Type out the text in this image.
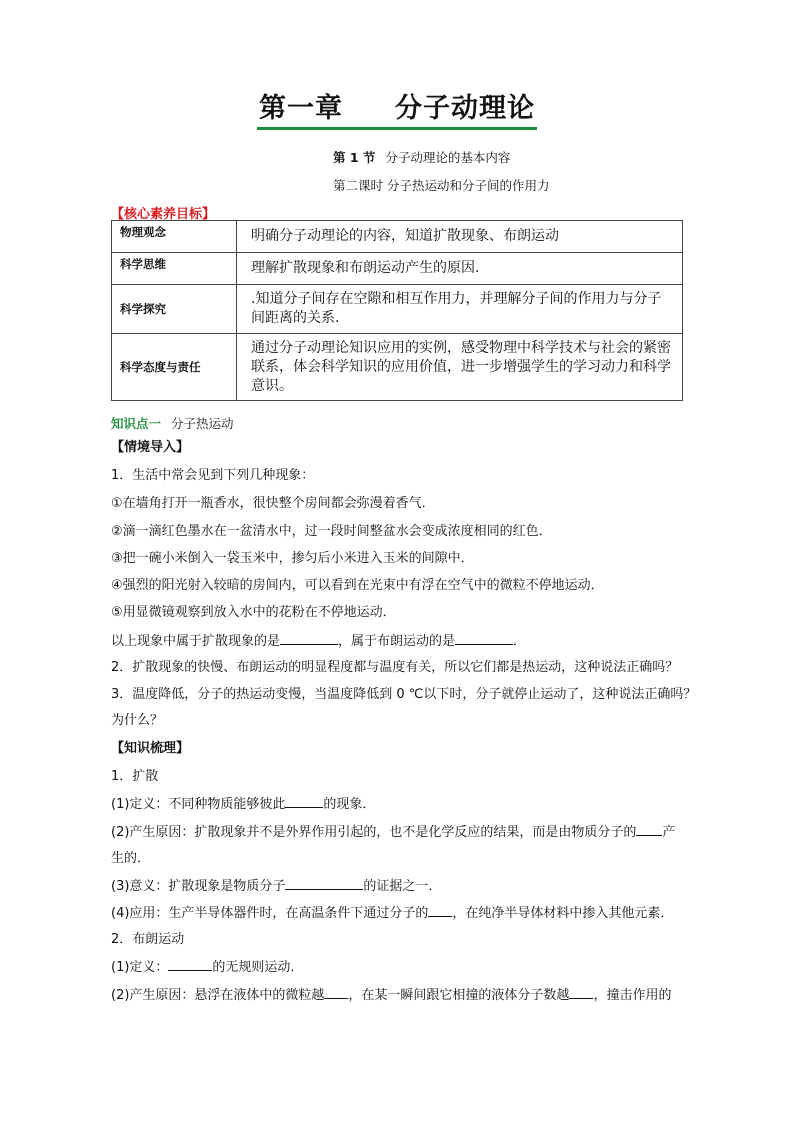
第一章 分子动理论
第 1 节 分子动理论的基本内容
第二课时 分子热运动和分子间的作用力
【核心素养目标】
物理观念	明确分子动理论的内容，知道扩散现象、布朗运动
科学思维	理解扩散现象和布朗运动产生的原因.
科学探究	.知道分子间存在空隙和相互作用力，并理解分子间的作用力与分子间距离的关系.
科学态度与责任	通过分子动理论知识应用的实例，感受物理中科学技术与社会的紧密联系，体会科学知识的应用价值，进一步增强学生的学习动力和科学意识。
知识点一 分子热运动
【情境导入】
1．生活中常会见到下列几种现象：
①在墙角打开一瓶香水，很快整个房间都会弥漫着香气．
②滴一滴红色墨水在一盆清水中，过一段时间整盆水会变成浓度相同的红色．
③把一碗小米倒入一袋玉米中，掺匀后小米进入玉米的间隙中．
④强烈的阳光射入较暗的房间内，可以看到在光束中有浮在空气中的微粒不停地运动．
⑤用显微镜观察到放入水中的花粉在不停地运动．
以上现象中属于扩散现象的是	，属于布朗运动的是	．
2．扩散现象的快慢、布朗运动的明显程度都与温度有关，所以它们都是热运动，这种说法正确吗？
3．温度降低，分子的热运动变慢，当温度降低到 0 ℃以下时，分子就停止运动了，这种说法正确吗？
为什么？
【知识梳理】
1．扩散
(1)定义：不同种物质能够彼此	的现象．
(2)产生原因：扩散现象并不是外界作用引起的，也不是化学反应的结果，而是由物质分子的 产
生的．
(3)意义：扩散现象是物质分子	的证据之一．
(4)应用：生产半导体器件时，在高温条件下通过分子的 ，在纯净半导体材料中掺入其他元素．
2．布朗运动
(1)定义：	的无规则运动．
(2)产生原因：悬浮在液体中的微粒越 ，在某一瞬间跟它相撞的液体分子数越 ，撞击作用的
